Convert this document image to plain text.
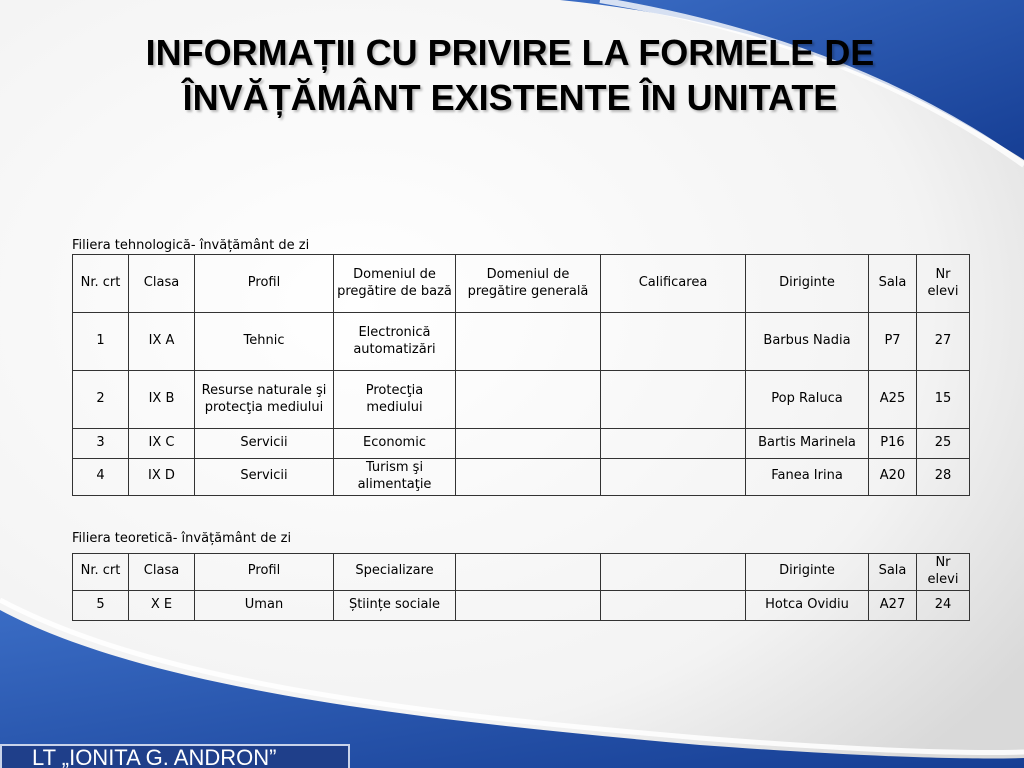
INFORMAȚII CU PRIVIRE LA FORMELE DE
ÎNVĂȚĂMÂNT EXISTENTE ÎN UNITATE
Filiera tehnologică- învățământ de zi
Nr. crt	Clasa	Profil	Domeniul de pregătire de bază	Domeniul de pregătire generală	Calificarea	Diriginte	Sala	Nr elevi
1	IX A	Tehnic	Electronică automatizări			Barbus Nadia	P7	27
2	IX B	Resurse naturale şi protecţia mediului	Protecţia mediului			Pop Raluca	A25	15
3	IX C	Servicii	Economic			Bartis Marinela	P16	25
4	IX D	Servicii	Turism şi alimentaţie			Fanea Irina	A20	28
Filiera teoretică- învățământ de zi
Nr. crt	Clasa	Profil	Specializare			Diriginte	Sala	Nr elevi
5	X E	Uman	Științe sociale			Hotca Ovidiu	A27	24
LT „IONITA G. ANDRON”
